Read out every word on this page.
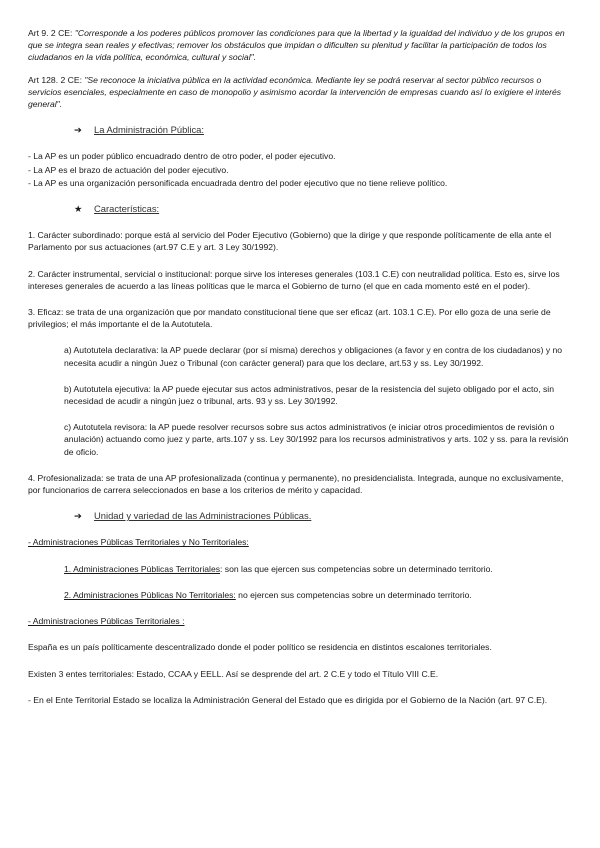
Art 9. 2 CE: "Corresponde a los poderes públicos promover las condiciones para que la libertad y la igualdad del individuo y de los grupos en que se integra sean reales y efectivas; remover los obstáculos que impidan o dificulten su plenitud y facilitar la participación de todos los ciudadanos en la vida política, económica, cultural y social".

Art 128. 2 CE: "Se reconoce la iniciativa pública en la actividad económica. Mediante ley se podrá reservar al sector público recursos o servicios esenciales, especialmente en caso de monopolio y asimismo acordar la intervención de empresas cuando así lo exigiere el interés general".

➔	La Administración Pública:

- La AP es un poder público encuadrado dentro de otro poder, el poder ejecutivo.

- La AP es el brazo de actuación del poder ejecutivo.

- La AP es una organización personificada encuadrada dentro del poder ejecutivo que no tiene relieve político.

★	Características:

1. Carácter subordinado: porque está al servicio del Poder Ejecutivo (Gobierno) que la dirige y que responde políticamente de ella ante el Parlamento por sus actuaciones (art.97 C.E y art. 3 Ley 30/1992).

2. Carácter instrumental, servicial o institucional: porque sirve los intereses generales (103.1 C.E) con neutralidad política. Esto es, sirve los intereses generales de acuerdo a las líneas políticas que le marca el Gobierno de turno (el que en cada momento esté en el poder).

3. Eficaz: se trata de una organización que por mandato constitucional tiene que ser eficaz (art. 103.1 C.E). Por ello goza de una serie de privilegios; el más importante el de la Autotutela.

a) Autotutela declarativa: la AP puede declarar (por sí misma) derechos y obligaciones (a favor y en contra de los ciudadanos) y no necesita acudir a ningún Juez o Tribunal (con carácter general) para que los declare, art.53 y ss. Ley 30/1992.

b) Autotutela ejecutiva: la AP puede ejecutar sus actos administrativos, pesar de la resistencia del sujeto obligado por el acto, sin necesidad de acudir a ningún juez o tribunal, arts. 93 y ss. Ley 30/1992.

c) Autotutela revisora: la AP puede resolver recursos sobre sus actos administrativos (e iniciar otros procedimientos de revisión o anulación) actuando como juez y parte, arts.107 y ss. Ley 30/1992 para los recursos administrativos y arts. 102 y ss. para la revisión de oficio.

4. Profesionalizada: se trata de una AP profesionalizada (continua y permanente), no presidencialista. Integrada, aunque no exclusivamente, por funcionarios de carrera seleccionados en base a los criterios de mérito y capacidad.

➔	Unidad y variedad de las Administraciones Públicas.

- Administraciones Públicas Territoriales y No Territoriales:

1. Administraciones Públicas Territoriales: son las que ejercen sus competencias sobre un determinado territorio.

2. Administraciones Públicas No Territoriales: no ejercen sus competencias sobre un determinado territorio.

- Administraciones Públicas Territoriales :

España es un país políticamente descentralizado donde el poder político se residencia en distintos escalones territoriales.

Existen 3 entes territoriales: Estado, CCAA y EELL. Así se desprende del art. 2 C.E y todo el Título VIII C.E.

- En el Ente Territorial Estado se localiza la Administración General del Estado que es dirigida por el Gobierno de la Nación (art. 97 C.E).
